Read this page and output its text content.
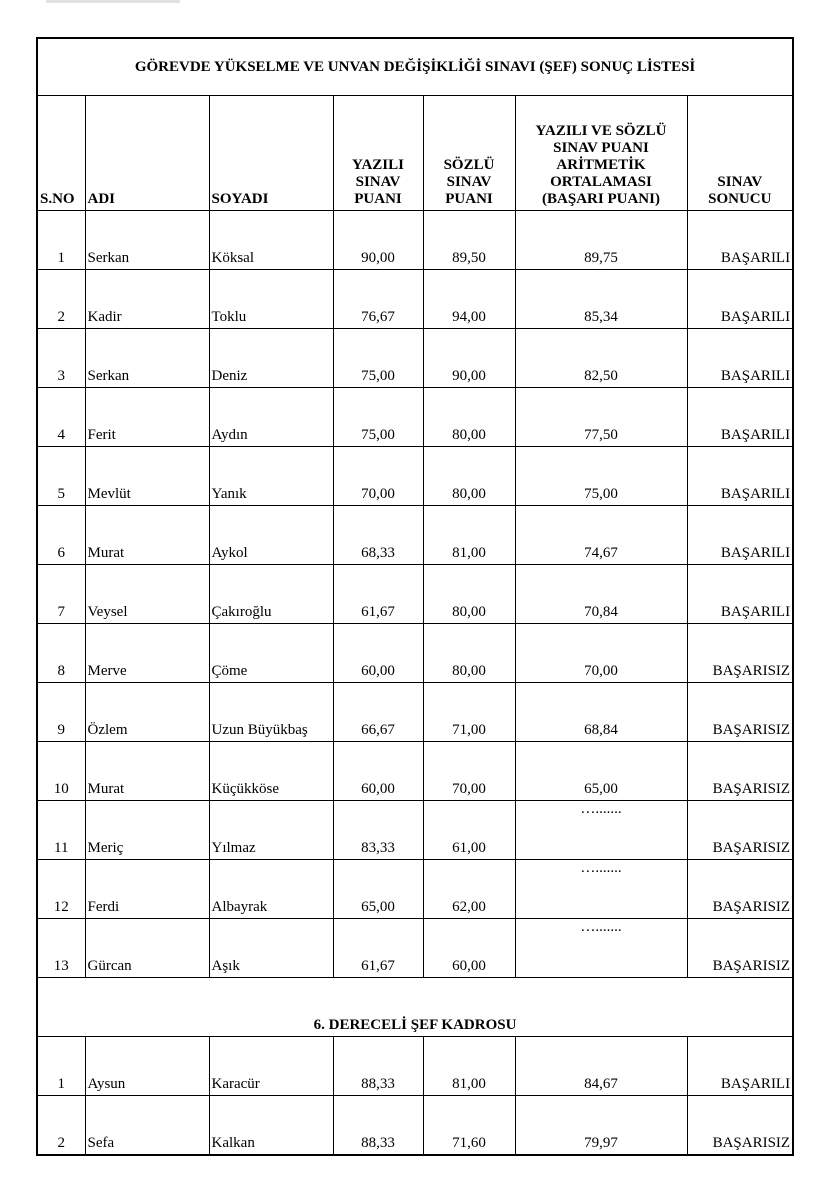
GÖREVDE YÜKSELME VE UNVAN DEĞİŞİKLİĞİ SINAVI (ŞEF) SONUÇ LİSTESİ						
S.NO	ADI	SOYADI	YAZILI SINAV PUANI	SÖZLÜ SINAV PUANI	YAZILI VE SÖZLÜ SINAV PUANI ARİTMETİK ORTALAMASI (BAŞARI PUANI)	SINAV SONUCU
1	Serkan	Köksal	90,00	89,50	89,75	BAŞARILI
2	Kadir	Toklu	76,67	94,00	85,34	BAŞARILI
3	Serkan	Deniz	75,00	90,00	82,50	BAŞARILI
4	Ferit	Aydın	75,00	80,00	77,50	BAŞARILI
5	Mevlüt	Yanık	70,00	80,00	75,00	BAŞARILI
6	Murat	Aykol	68,33	81,00	74,67	BAŞARILI
7	Veysel	Çakıroğlu	61,67	80,00	70,84	BAŞARILI
8	Merve	Çöme	60,00	80,00	70,00	BAŞARISIZ
9	Özlem	Uzun Büyükbaş	66,67	71,00	68,84	BAŞARISIZ
10	Murat	Küçükköse	60,00	70,00	65,00	BAŞARISIZ
11	Meriç	Yılmaz	83,33	61,00	….......	BAŞARISIZ
12	Ferdi	Albayrak	65,00	62,00	….......	BAŞARISIZ
13	Gürcan	Aşık	61,67	60,00	….......	BAŞARISIZ
6. DERECELİ ŞEF KADROSU						
1	Aysun	Karacür	88,33	81,00	84,67	BAŞARILI
2	Sefa	Kalkan	88,33	71,60	79,97	BAŞARISIZ
